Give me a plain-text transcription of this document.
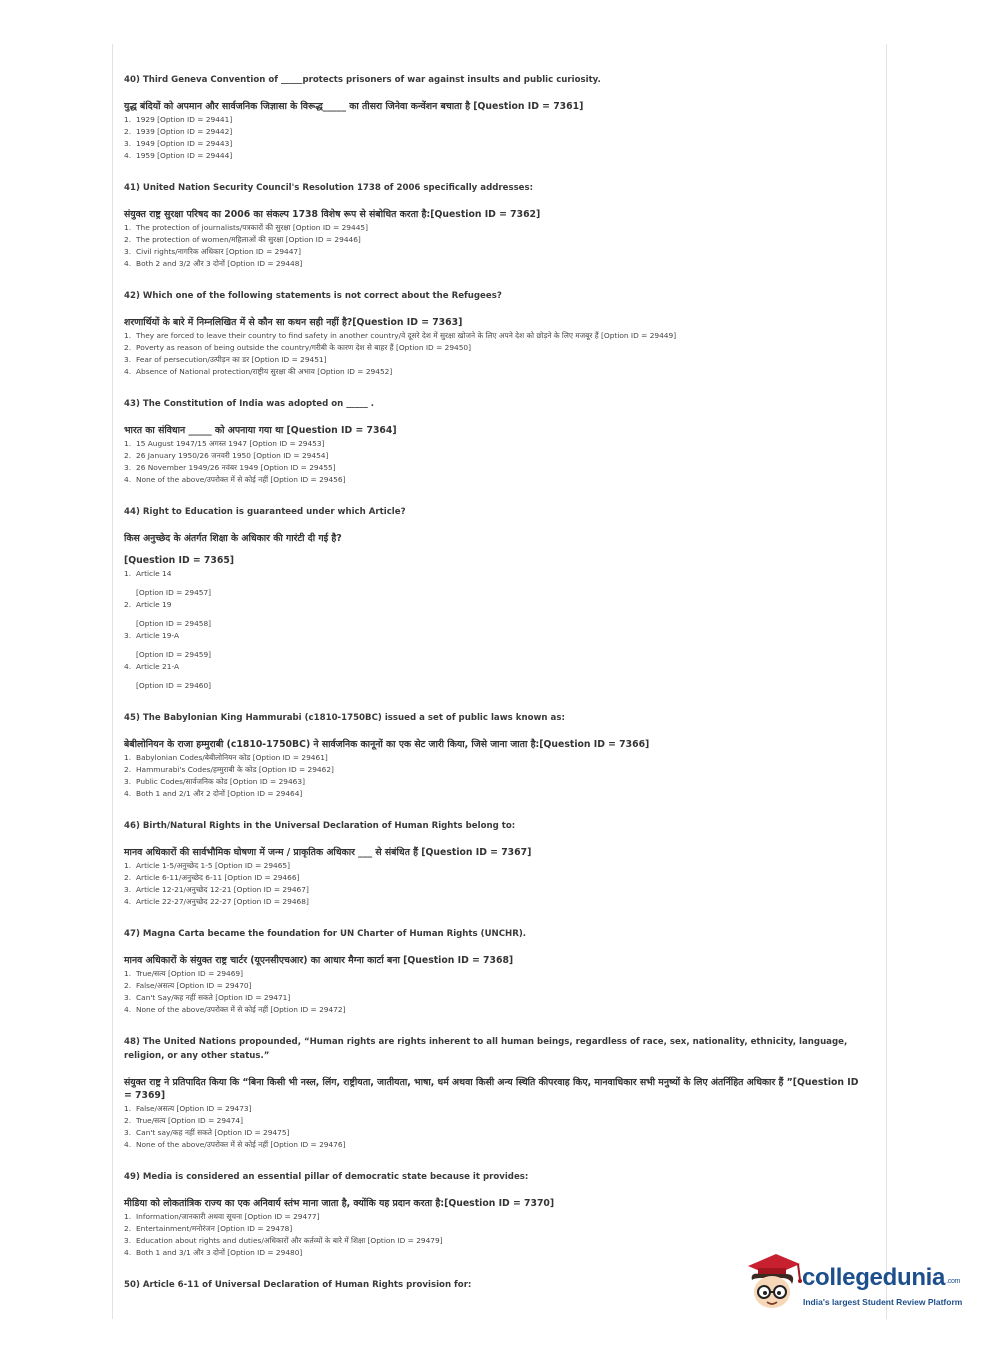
40) Third Geneva Convention of _____protects prisoners of war against insults and public curiosity.
युद्ध बंदियों को अपमान और सार्वजनिक जिज्ञासा के विरूद्ध_____ का तीसरा जिनेवा कन्वेंशन बचाता है [Question ID = 7361]
1. 1929 [Option ID = 29441]
2. 1939 [Option ID = 29442]
3. 1949 [Option ID = 29443]
4. 1959 [Option ID = 29444]
41) United Nation Security Council's Resolution 1738 of 2006 specifically addresses:
संयुक्त राष्ट्र सुरक्षा परिषद का 2006 का संकल्प 1738 विशेष रूप से संबोधित करता है:[Question ID = 7362]
1. The protection of journalists/पत्रकारों की सुरक्षा [Option ID = 29445]
2. The protection of women/महिलाओं की सुरक्षा [Option ID = 29446]
3. Civil rights/नागरिक अधिकार [Option ID = 29447]
4. Both 2 and 3/2 और 3 दोनों [Option ID = 29448]
42) Which one of the following statements is not correct about the Refugees?
शरणार्थियों के बारे में निम्नलिखित में से कौन सा कथन सही नहीं है?[Question ID = 7363]
1. They are forced to leave their country to find safety in another country/वे दूसरे देश में सुरक्षा खोजने के लिए अपने देश को छोड़ने के लिए मजबूर हैं [Option ID = 29449]
2. Poverty as reason of being outside the country/गरीबी के कारण देश से बाहर हैं [Option ID = 29450]
3. Fear of persecution/उत्पीड़न का डर [Option ID = 29451]
4. Absence of National protection/राष्ट्रीय सुरक्षा की अभाव [Option ID = 29452]
43) The Constitution of India was adopted on _____ .
भारत का संविधान _____ को अपनाया गया था [Question ID = 7364]
1. 15 August 1947/15 अगस्त 1947 [Option ID = 29453]
2. 26 January 1950/26 जनवरी 1950 [Option ID = 29454]
3. 26 November 1949/26 नवंबर 1949 [Option ID = 29455]
4. None of the above/उपरोक्त में से कोई नहीं [Option ID = 29456]
44) Right to Education is guaranteed under which Article?
किस अनुच्छेद के अंतर्गत शिक्षा के अधिकार की गारंटी दी गई है?
[Question ID = 7365]
1. Article 14
[Option ID = 29457]
2. Article 19
[Option ID = 29458]
3. Article 19-A
[Option ID = 29459]
4. Article 21-A
[Option ID = 29460]
45) The Babylonian King Hammurabi (c1810-1750BC) issued a set of public laws known as:
बेबीलोनियन के राजा हम्मुराबी (c1810-1750BC) ने सार्वजनिक कानूनों का एक सेट जारी किया, जिसे जाना जाता है:[Question ID = 7366]
1. Babylonian Codes/बेबीलोनियन कोड [Option ID = 29461]
2. Hammurabi's Codes/हम्मुराबी के कोड [Option ID = 29462]
3. Public Codes/सार्वजनिक कोड [Option ID = 29463]
4. Both 1 and 2/1 और 2 दोनों [Option ID = 29464]
46) Birth/Natural Rights in the Universal Declaration of Human Rights belong to:
मानव अधिकारों की सार्वभौमिक घोषणा में जन्म / प्राकृतिक अधिकार ___ से संबंधित हैं [Question ID = 7367]
1. Article 1-5/अनुच्छेद 1-5 [Option ID = 29465]
2. Article 6-11/अनुच्छेद 6-11 [Option ID = 29466]
3. Article 12-21/अनुच्छेद 12-21 [Option ID = 29467]
4. Article 22-27/अनुच्छेद 22-27 [Option ID = 29468]
47) Magna Carta became the foundation for UN Charter of Human Rights (UNCHR).
मानव अधिकारों के संयुक्त राष्ट्र चार्टर (यूएनसीएचआर) का आधार मैग्ना कार्टा बना [Question ID = 7368]
1. True/सत्य [Option ID = 29469]
2. False/असत्य [Option ID = 29470]
3. Can't Say/कह नहीं सकते [Option ID = 29471]
4. None of the above/उपरोक्त में से कोई नहीं [Option ID = 29472]
48) The United Nations propounded, “Human rights are rights inherent to all human beings, regardless of race, sex, nationality, ethnicity, language, religion, or any other status.”
संयुक्त राष्ट्र ने प्रतिपादित किया कि “बिना किसी भी नस्ल, लिंग, राष्ट्रीयता, जातीयता, भाषा, धर्म अथवा किसी अन्य स्थिति कीपरवाह किए, मानवाधिकार सभी मनुष्यों के लिए अंतर्निहित अधिकार हैं ”[Question ID = 7369]
1. False/असत्य [Option ID = 29473]
2. True/सत्य [Option ID = 29474]
3. Can't say/कह नहीं सकते [Option ID = 29475]
4. None of the above/उपरोक्त में से कोई नहीं [Option ID = 29476]
49) Media is considered an essential pillar of democratic state because it provides:
मीडिया को लोकतांत्रिक राज्य का एक अनिवार्य स्तंभ माना जाता है, क्योंकि यह प्रदान करता है:[Question ID = 7370]
1. Information/जानकारी अथवा सूचना [Option ID = 29477]
2. Entertainment/मनोरंजन [Option ID = 29478]
3. Education about rights and duties/अधिकारों और कर्तव्यों के बारे में शिक्षा [Option ID = 29479]
4. Both 1 and 3/1 और 3 दोनों [Option ID = 29480]
50) Article 6-11 of Universal Declaration of Human Rights provision for:	collegedunia.com
India's largest Student Review Platform
